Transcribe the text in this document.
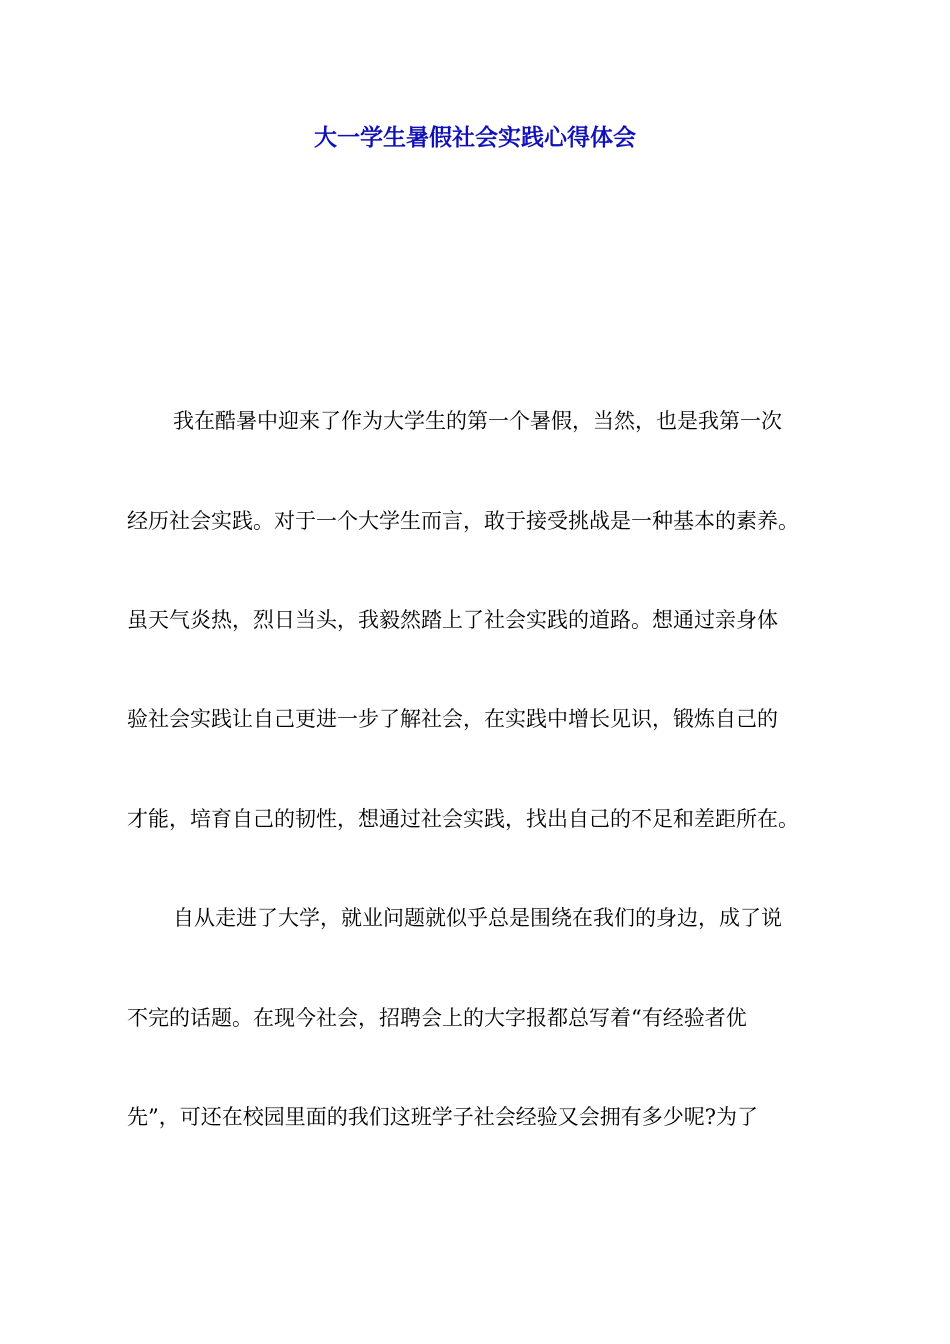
大一学生暑假社会实践心得体会

我在酷暑中迎来了作为大学生的第一个暑假，当然，也是我第一次

经历社会实践。对于一个大学生而言，敢于接受挑战是一种基本的素养。

虽天气炎热，烈日当头，我毅然踏上了社会实践的道路。想通过亲身体

验社会实践让自己更进一步了解社会，在实践中增长见识，锻炼自己的

才能，培育自己的韧性，想通过社会实践，找出自己的不足和差距所在。

自从走进了大学，就业问题就似乎总是围绕在我们的身边，成了说

不完的话题。在现今社会，招聘会上的大字报都总写着“有经验者优

先”，可还在校园里面的我们这班学子社会经验又会拥有多少呢?为了
